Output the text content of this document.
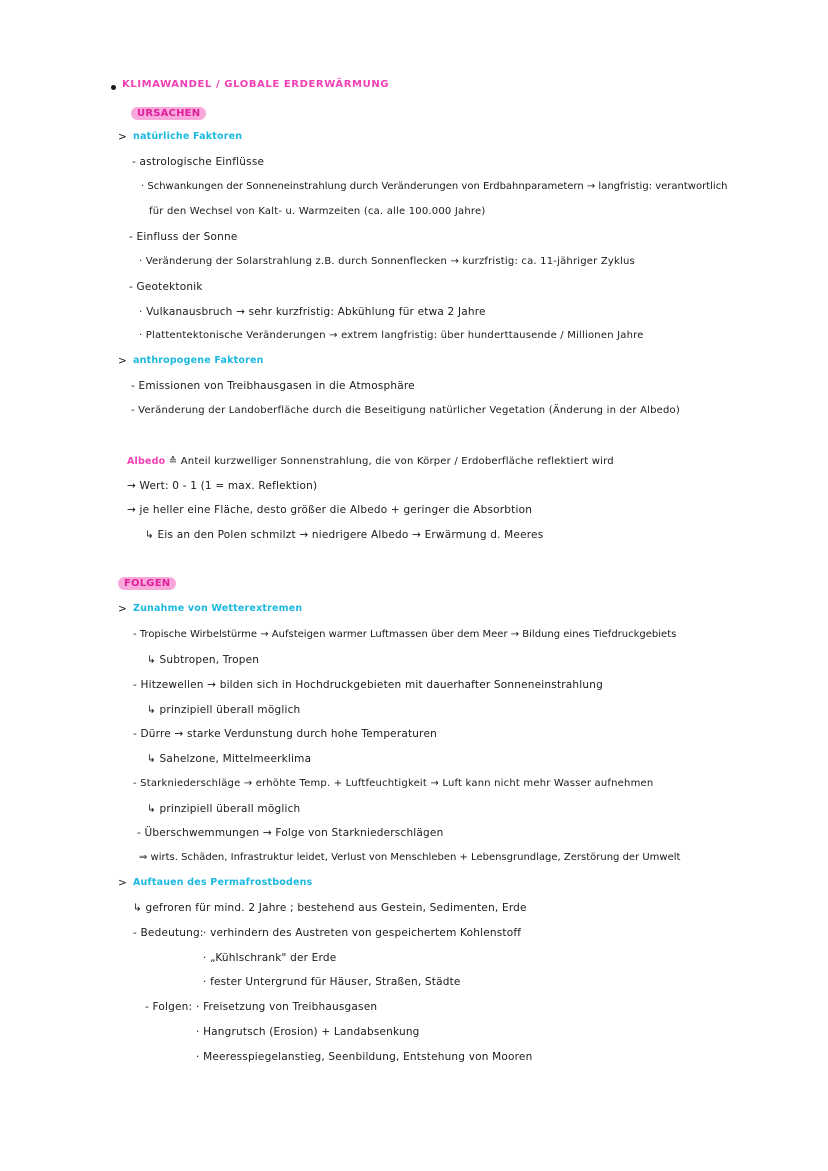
KLIMAWANDEL / GLOBALE ERDERWÄRMUNG
URSACHEN
> natürliche Faktoren
- astrologische Einflüsse
· Schwankungen der Sonneneinstrahlung durch Veränderungen von Erdbahnparametern → langfristig: verantwortlich
für den Wechsel von Kalt- u. Warmzeiten (ca. alle 100.000 Jahre)
- Einfluss der Sonne
· Veränderung der Solarstrahlung z.B. durch Sonnenflecken → kurzfristig: ca. 11-jähriger Zyklus
- Geotektonik
· Vulkanausbruch → sehr kurzfristig: Abkühlung für etwa 2 Jahre
· Plattentektonische Veränderungen → extrem langfristig: über hunderttausende / Millionen Jahre
> anthropogene Faktoren
- Emissionen von Treibhausgasen in die Atmosphäre
- Veränderung der Landoberfläche durch die Beseitigung natürlicher Vegetation (Änderung in der Albedo)
Albedo ≙ Anteil kurzwelliger Sonnenstrahlung, die von Körper / Erdoberfläche reflektiert wird
→ Wert: 0 - 1 (1 = max. Reflektion)
→ je heller eine Fläche, desto größer die Albedo + geringer die Absorbtion
↳ Eis an den Polen schmilzt → niedrigere Albedo → Erwärmung d. Meeres
FOLGEN
> Zunahme von Wetterextremen
- Tropische Wirbelstürme → Aufsteigen warmer Luftmassen über dem Meer → Bildung eines Tiefdruckgebiets
↳ Subtropen, Tropen
- Hitzewellen → bilden sich in Hochdruckgebieten mit dauerhafter Sonneneinstrahlung
↳ prinzipiell überall möglich
- Dürre → starke Verdunstung durch hohe Temperaturen
↳ Sahelzone, Mittelmeerklima
- Starkniederschläge → erhöhte Temp. + Luftfeuchtigkeit → Luft kann nicht mehr Wasser aufnehmen
↳ prinzipiell überall möglich
- Überschwemmungen → Folge von Starkniederschlägen
⇒ wirts. Schäden, Infrastruktur leidet, Verlust von Menschleben + Lebensgrundlage, Zerstörung der Umwelt
> Auftauen des Permafrostbodens
↳ gefroren für mind. 2 Jahre ; bestehend aus Gestein, Sedimenten, Erde
- Bedeutung: · verhindern des Austreten von gespeichertem Kohlenstoff
· „Kühlschrank" der Erde
· fester Untergrund für Häuser, Straßen, Städte
- Folgen: · Freisetzung von Treibhausgasen
· Hangrutsch (Erosion) + Landabsenkung
· Meeresspiegelanstieg, Seenbildung, Entstehung von Mooren
